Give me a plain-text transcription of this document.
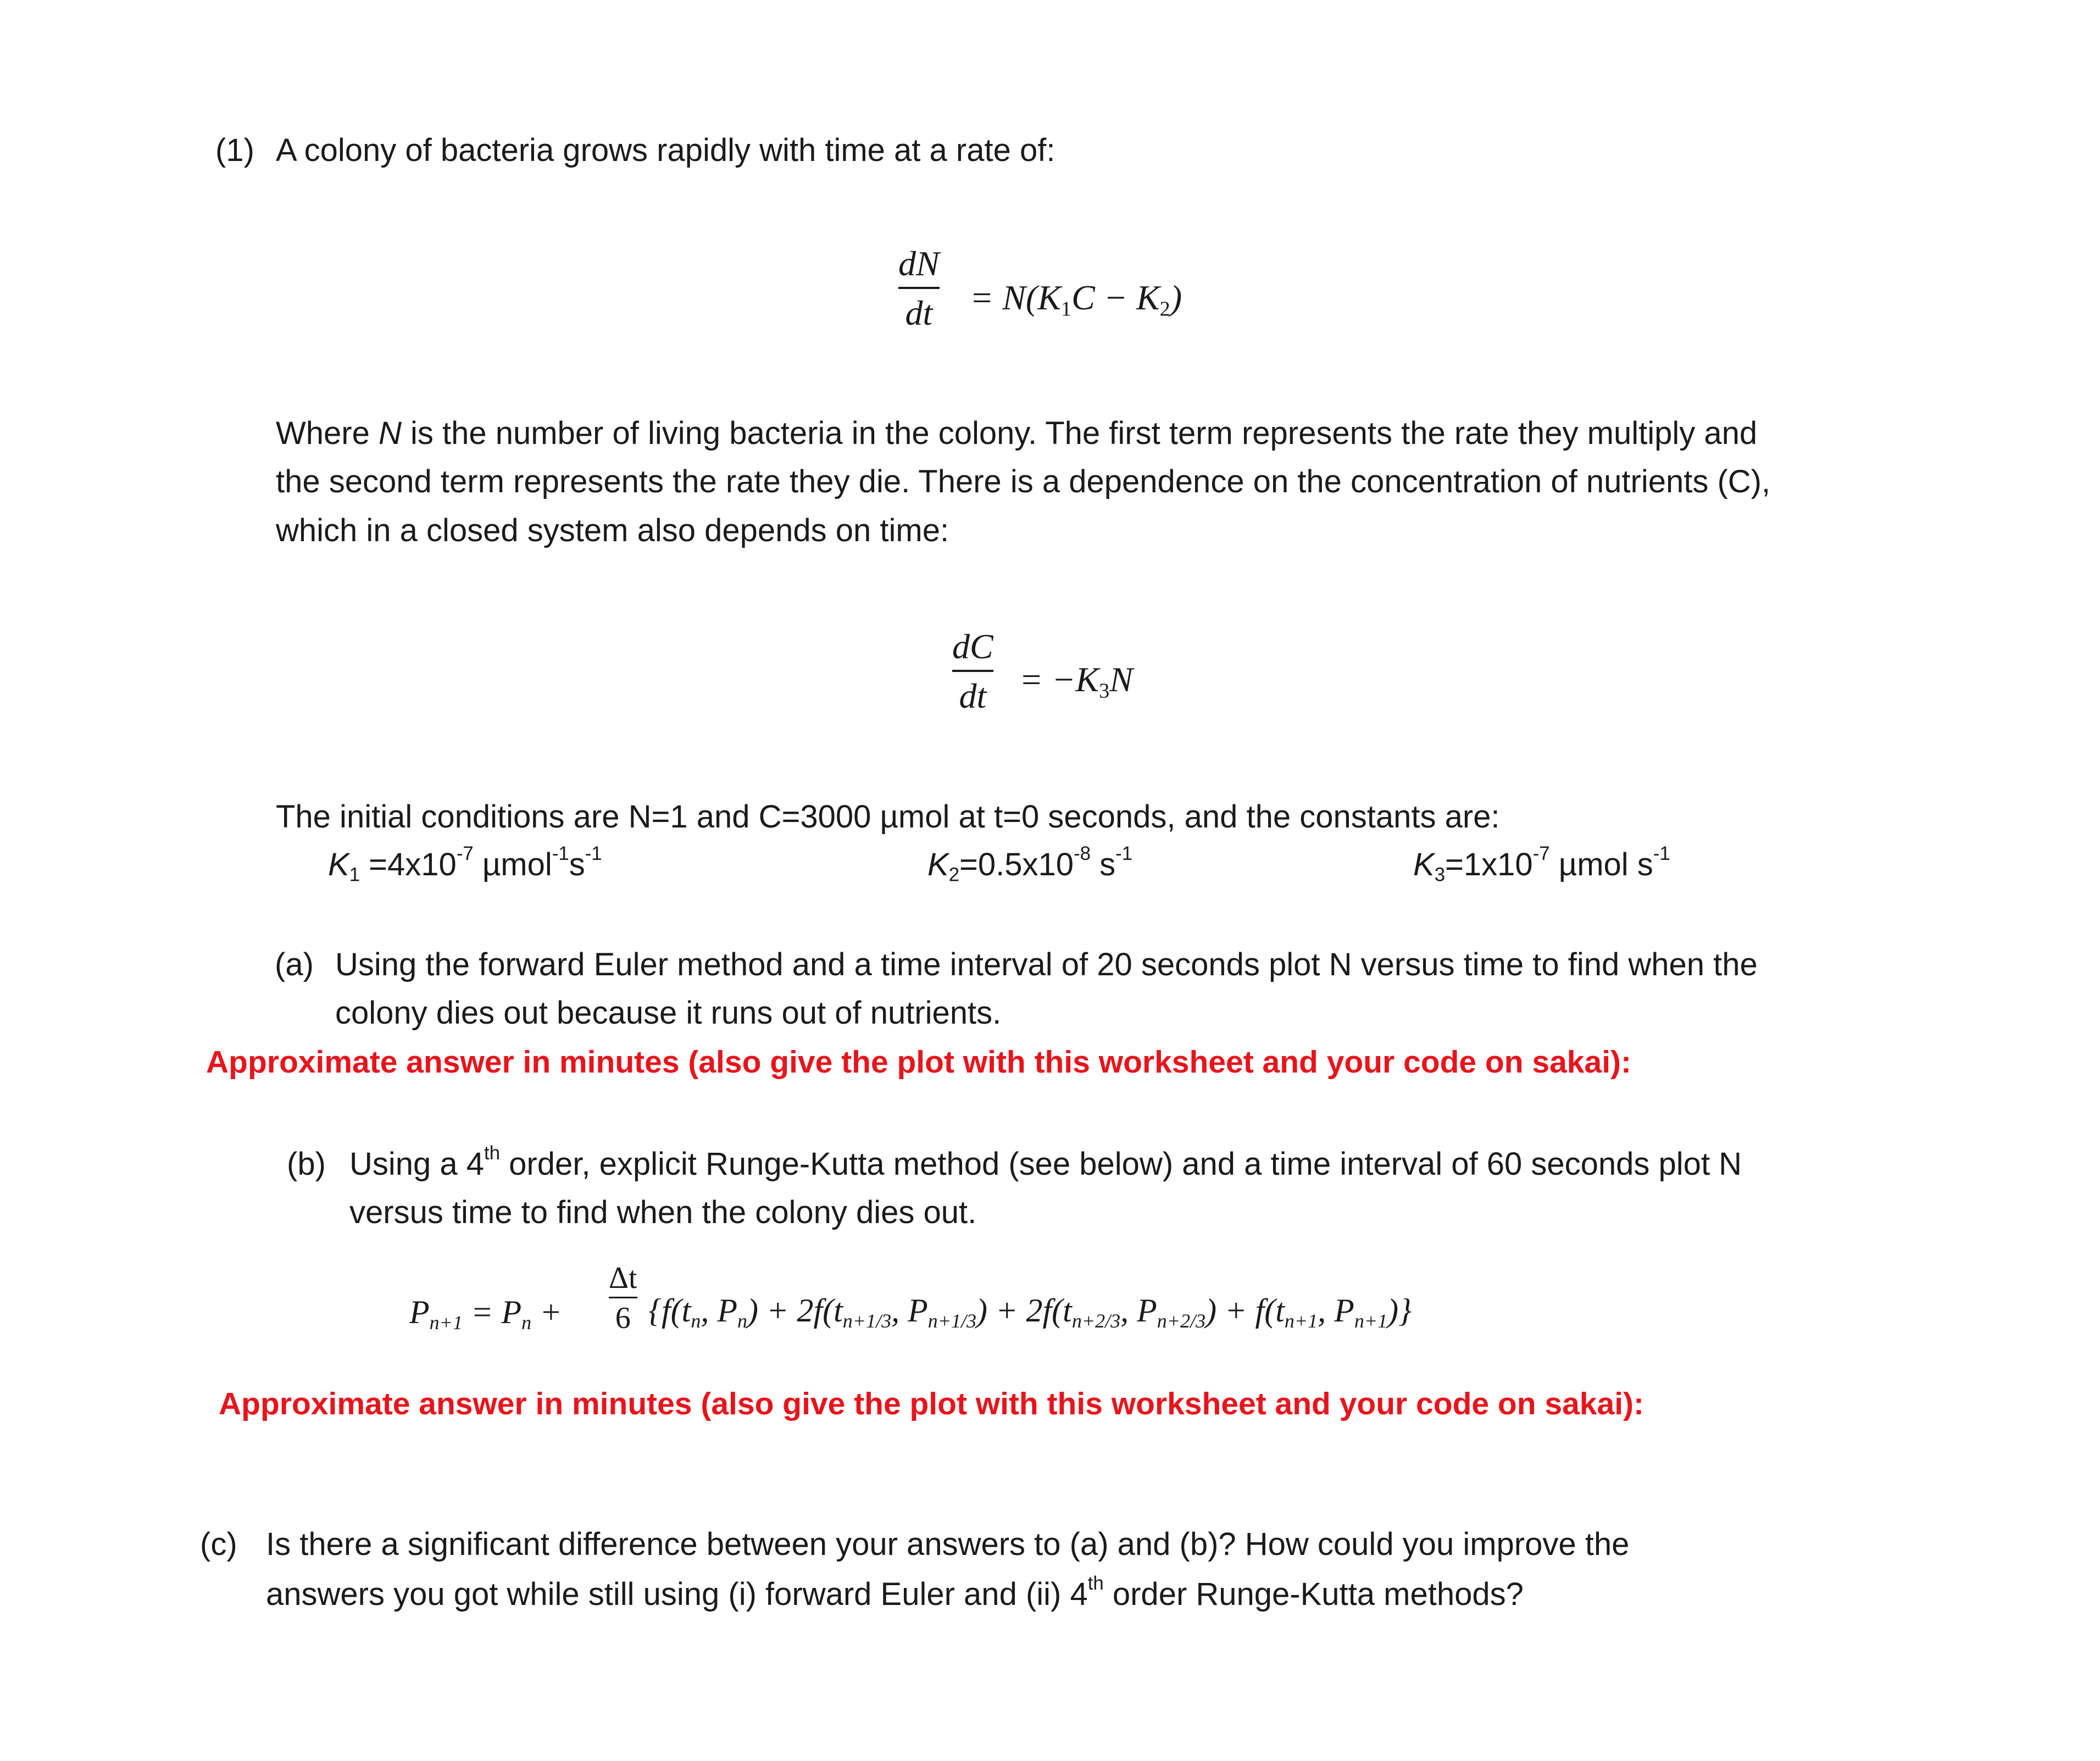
(1) A colony of bacteria grows rapidly with time at a rate of:
dN
dt = $N(K_1C - K_2)$
Where N is the number of living bacteria in the colony. The first term represents the rate they multiply and
the second term represents the rate they die. There is a dependence on the concentration of nutrients (C),
which in a closed system also depends on time:
dC
dt = $-K_3N$
The initial conditions are N=1 and C=3000 µmol at t=0 seconds, and the constants are:
$K_1 =4x10^{-7}$ $\mu mol^{-1}s^{-1}$	$K_2=0.5x10^{-8}$ $s^{-1}$	$K_3=1x10^{-7}$ µmol $s^{-1}$
(a) Using the forward Euler method and a time interval of 20 seconds plot N versus time to find when the
colony dies out because it runs out of nutrients.
Approximate answer in minutes (also give the plot with this worksheet and your code on sakai):
(b) Using a 4th order, explicit Runge-Kutta method (see below) and a time interval of 60 seconds plot N
versus time to find when the colony dies out.
$P_{n+1} = P_n$ +
Δt
6 {$f(t_n$, $P_n) + 2f(t_{n+1/3}$, $P_{n+1/3}) + 2f(t_{n+2/3}$, $P_{n+2/3}) + f(t_{n+1}$, $P_{n+1}$)}
Approximate answer in minutes (also give the plot with this worksheet and your code on sakai):
(c) Is there a significant difference between your answers to (a) and (b)? How could you improve the
answers you got while still using (i) forward Euler and (ii) 4th order Runge-Kutta methods?
